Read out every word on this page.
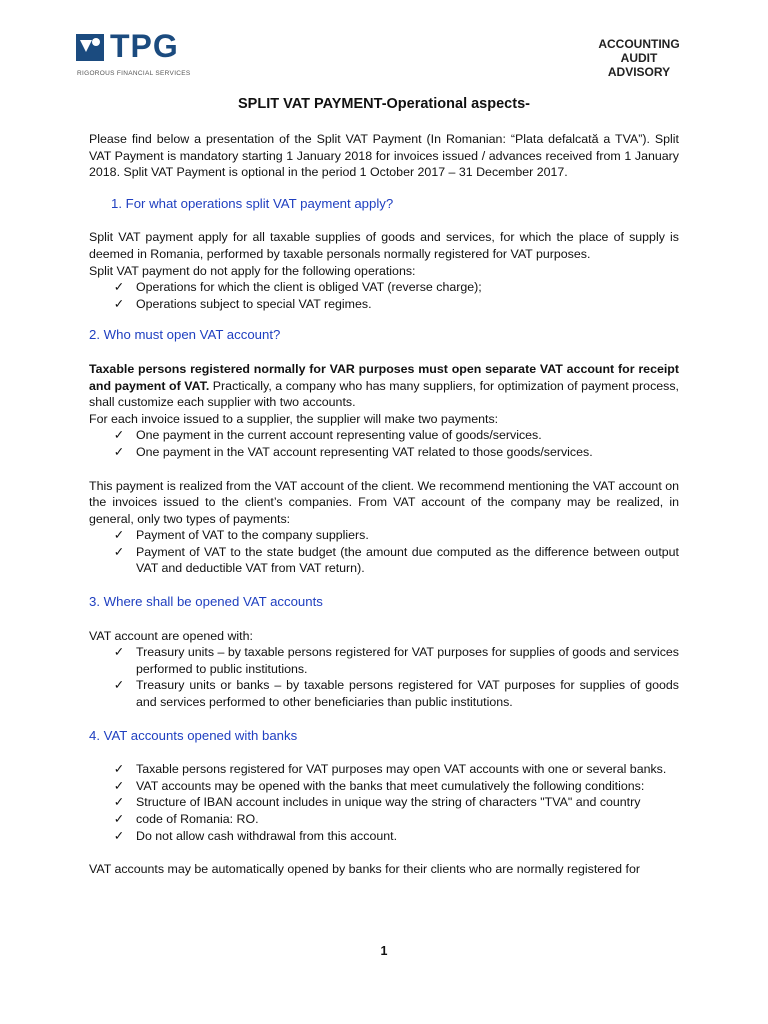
TPG
RIGOROUS FINANCIAL SERVICES
ACCOUNTING
AUDIT
ADVISORY
SPLIT VAT PAYMENT-Operational aspects-

Please find below a presentation of the Split VAT Payment (In Romanian: “Plata defalcată a TVA”). Split VAT Payment is mandatory starting 1 January 2018 for invoices issued / advances received from 1 January 2018. Split VAT Payment is optional in the period 1 October 2017 – 31 December 2017.

1. For what operations split VAT payment apply?

Split VAT payment apply for all taxable supplies of goods and services, for which the place of supply is deemed in Romania, performed by taxable personals normally registered for VAT purposes.

Split VAT payment do not apply for the following operations:

✓ Operations for which the client is obliged VAT (reverse charge);
✓ Operations subject to special VAT regimes.

2. Who must open VAT account?

Taxable persons registered normally for VAR purposes must open separate VAT account for receipt and payment of VAT. Practically, a company who has many suppliers, for optimization of payment process, shall customize each supplier with two accounts.

For each invoice issued to a supplier, the supplier will make two payments:

✓ One payment in the current account representing value of goods/services.
✓ One payment in the VAT account representing VAT related to those goods/services.

This payment is realized from the VAT account of the client. We recommend mentioning the VAT account on the invoices issued to the client’s companies. From VAT account of the company may be realized, in general, only two types of payments:

✓ Payment of VAT to the company suppliers.
✓ Payment of VAT to the state budget (the amount due computed as the difference between output VAT and deductible VAT from VAT return).

3. Where shall be opened VAT accounts

VAT account are opened with:

✓ Treasury units – by taxable persons registered for VAT purposes for supplies of goods and services performed to public institutions.
✓ Treasury units or banks – by taxable persons registered for VAT purposes for supplies of goods and services performed to other beneficiaries than public institutions.

4. VAT accounts opened with banks

✓ Taxable persons registered for VAT purposes may open VAT accounts with one or several banks.
✓ VAT accounts may be opened with the banks that meet cumulatively the following conditions:
✓ Structure of IBAN account includes in unique way the string of characters "TVA" and country
✓ code of Romania: RO.
✓ Do not allow cash withdrawal from this account.

VAT accounts may be automatically opened by banks for their clients who are normally registered for

1
